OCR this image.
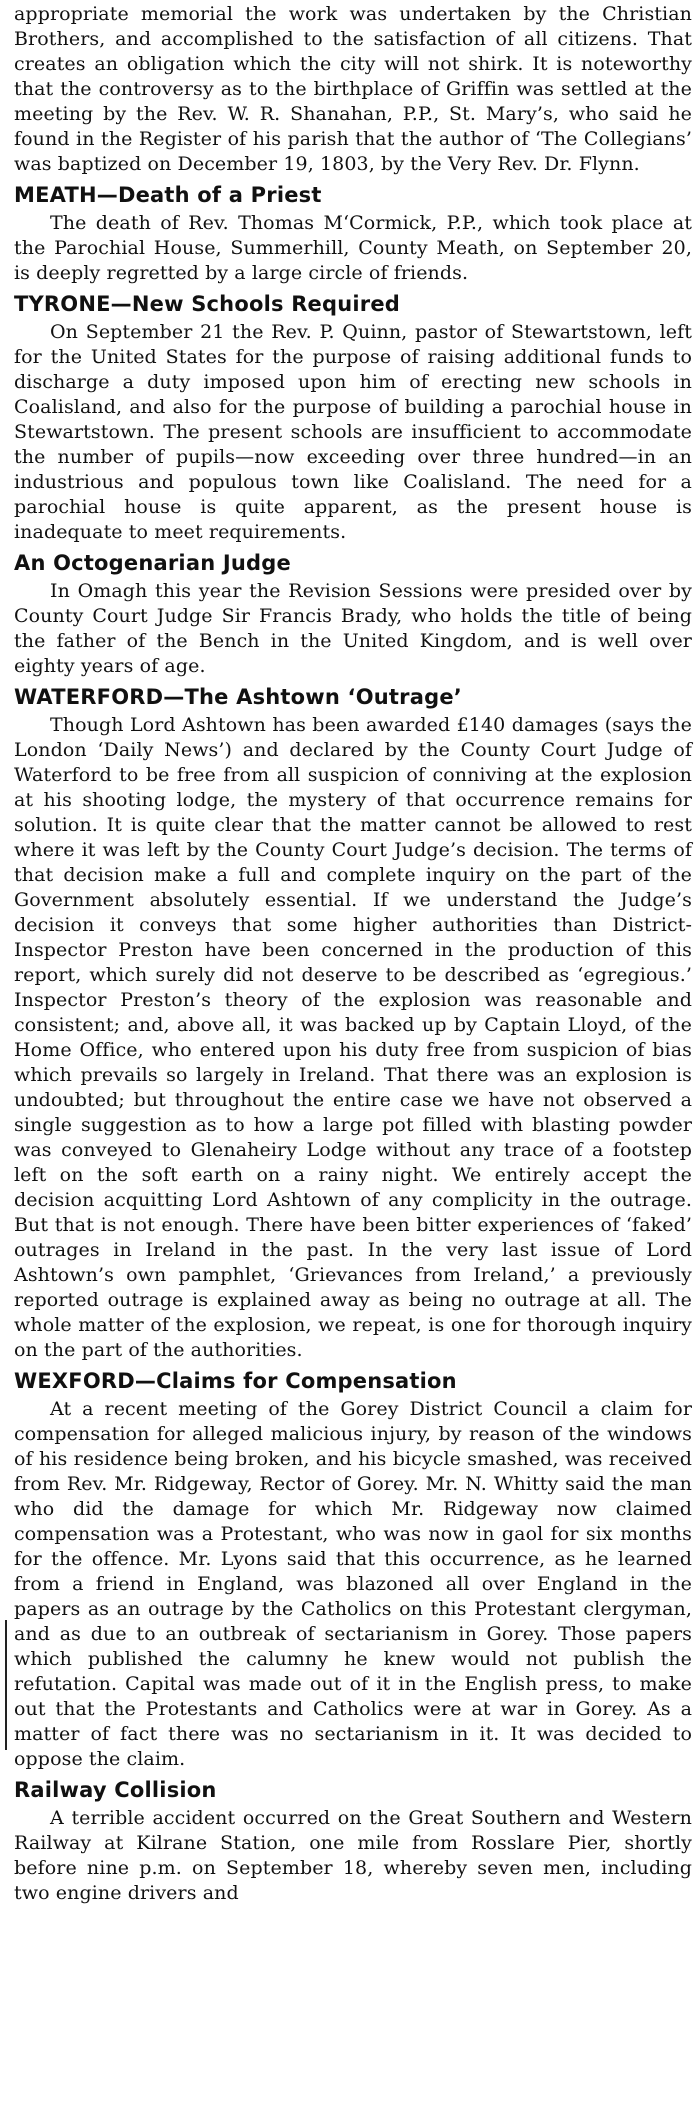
appropriate memorial the work was undertaken by the Christian Brothers, and accomplished to the satisfaction of all citizens. That creates an obligation which the city will not shirk. It is noteworthy that the controversy as to the birthplace of Griffin was settled at the meeting by the Rev. W. R. Shanahan, P.P., St. Mary’s, who said he found in the Register of his parish that the author of ‘The Collegians’ was baptized on December 19, 1803, by the Very Rev. Dr. Flynn.

MEATH—Death of a Priest

The death of Rev. Thomas M‘Cormick, P.P., which took place at the Parochial House, Summerhill, County Meath, on September 20, is deeply regretted by a large circle of friends.

TYRONE—New Schools Required

On September 21 the Rev. P. Quinn, pastor of Stewartstown, left for the United States for the purpose of raising additional funds to discharge a duty imposed upon him of erecting new schools in Coalisland, and also for the purpose of building a parochial house in Stewartstown. The present schools are insufficient to accommodate the number of pupils—now exceeding over three hundred—in an industrious and populous town like Coalisland. The need for a parochial house is quite apparent, as the present house is inadequate to meet requirements.

An Octogenarian Judge

In Omagh this year the Revision Sessions were presided over by County Court Judge Sir Francis Brady, who holds the title of being the father of the Bench in the United Kingdom, and is well over eighty years of age.

WATERFORD—The Ashtown ‘Outrage’

Though Lord Ashtown has been awarded £140 damages (says the London ‘Daily News’) and declared by the County Court Judge of Waterford to be free from all suspicion of conniving at the explosion at his shooting lodge, the mystery of that occurrence remains for solution. It is quite clear that the matter cannot be allowed to rest where it was left by the County Court Judge’s decision. The terms of that decision make a full and complete inquiry on the part of the Government absolutely essential. If we understand the Judge’s decision it conveys that some higher authorities than District-Inspector Preston have been concerned in the production of this report, which surely did not deserve to be described as ‘egregious.’ Inspector Preston’s theory of the explosion was reasonable and consistent; and, above all, it was backed up by Captain Lloyd, of the Home Office, who entered upon his duty free from suspicion of bias which prevails so largely in Ireland. That there was an explosion is undoubted; but throughout the entire case we have not observed a single suggestion as to how a large pot filled with blasting powder was conveyed to Glenaheiry Lodge without any trace of a footstep left on the soft earth on a rainy night. We entirely accept the decision acquitting Lord Ashtown of any complicity in the outrage. But that is not enough. There have been bitter experiences of ‘faked’ outrages in Ireland in the past. In the very last issue of Lord Ashtown’s own pamphlet, ‘Grievances from Ireland,’ a previously reported outrage is explained away as being no outrage at all. The whole matter of the explosion, we repeat, is one for thorough inquiry on the part of the authorities.

WEXFORD—Claims for Compensation

At a recent meeting of the Gorey District Council a claim for compensation for alleged malicious injury, by reason of the windows of his residence being broken, and his bicycle smashed, was received from Rev. Mr. Ridgeway, Rector of Gorey. Mr. N. Whitty said the man who did the damage for which Mr. Ridgeway now claimed compensation was a Protestant, who was now in gaol for six months for the offence. Mr. Lyons said that this occurrence, as he learned from a friend in England, was blazoned all over England in the papers as an outrage by the Catholics on this Protestant clergyman, and as due to an outbreak of sectarianism in Gorey. Those papers which published the calumny he knew would not publish the refutation. Capital was made out of it in the English press, to make out that the Protestants and Catholics were at war in Gorey. As a matter of fact there was no sectarianism in it. It was decided to oppose the claim.

Railway Collision

A terrible accident occurred on the Great Southern and Western Railway at Kilrane Station, one mile from Rosslare Pier, shortly before nine p.m. on September 18, whereby seven men, including two engine drivers and
